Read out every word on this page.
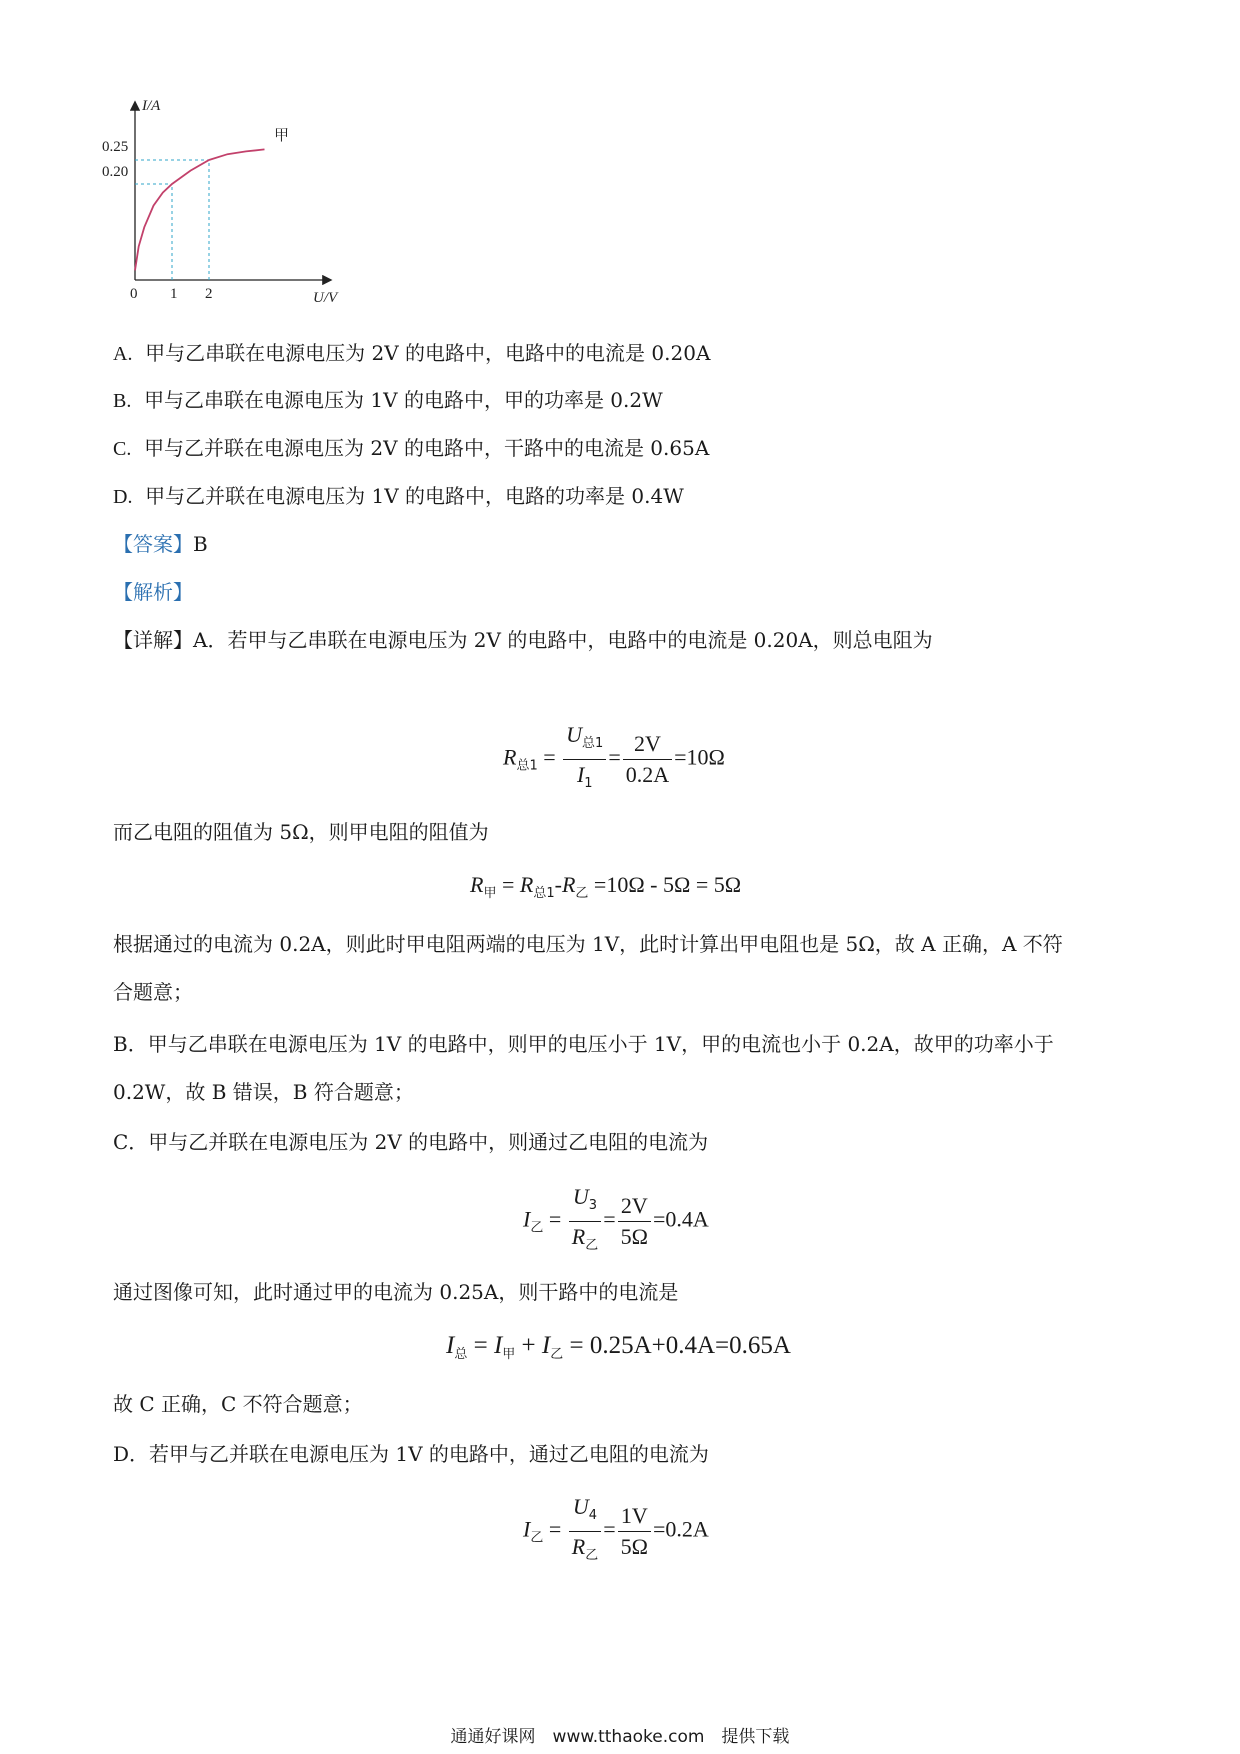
I/A
U/V
0 1 2
0.25
0.20
甲
A. 甲与乙串联在电源电压为 2V 的电路中，电路中的电流是 0.20A
B. 甲与乙串联在电源电压为 1V 的电路中，甲的功率是 0.2W
C. 甲与乙并联在电源电压为 2V 的电路中，干路中的电流是 0.65A
D. 甲与乙并联在电源电压为 1V 的电路中，电路的功率是 0.4W
【答案】B
【解析】
【详解】A．若甲与乙串联在电源电压为 2V 的电路中，电路中的电流是 0.20A，则总电阻为
$R_{总1} = \frac{U_{总1}}{I_1} = \frac{2V}{0.2A} =10\Omega$
而乙电阻的阻值为 5Ω，则甲电阻的阻值为
$R_甲 = R_{总1}-R_乙 =10\Omega - 5\Omega = 5\Omega$
根据通过的电流为 0.2A，则此时甲电阻两端的电压为 1V，此时计算出甲电阻也是 5Ω，故 A 正确，A 不符
合题意；
B．甲与乙串联在电源电压为 1V 的电路中，则甲的电压小于 1V，甲的电流也小于 0.2A，故甲的功率小于
0.2W，故 B 错误，B 符合题意；
C．甲与乙并联在电源电压为 2V 的电路中，则通过乙电阻的电流为
$I_乙 = \frac{U_3}{R_乙} = \frac{2V}{5\Omega} =0.4A$
通过图像可知，此时通过甲的电流为 0.25A，则干路中的电流是
$I_总 = I_甲 + I_乙 = 0.25A+0.4A=0.65A$
故 C 正确，C 不符合题意；
D．若甲与乙并联在电源电压为 1V 的电路中，通过乙电阻的电流为
$I_乙 = \frac{U_4}{R_乙} = \frac{1V}{5\Omega} =0.2A$
通通好课网　www.tthaoke.com　提供下载
